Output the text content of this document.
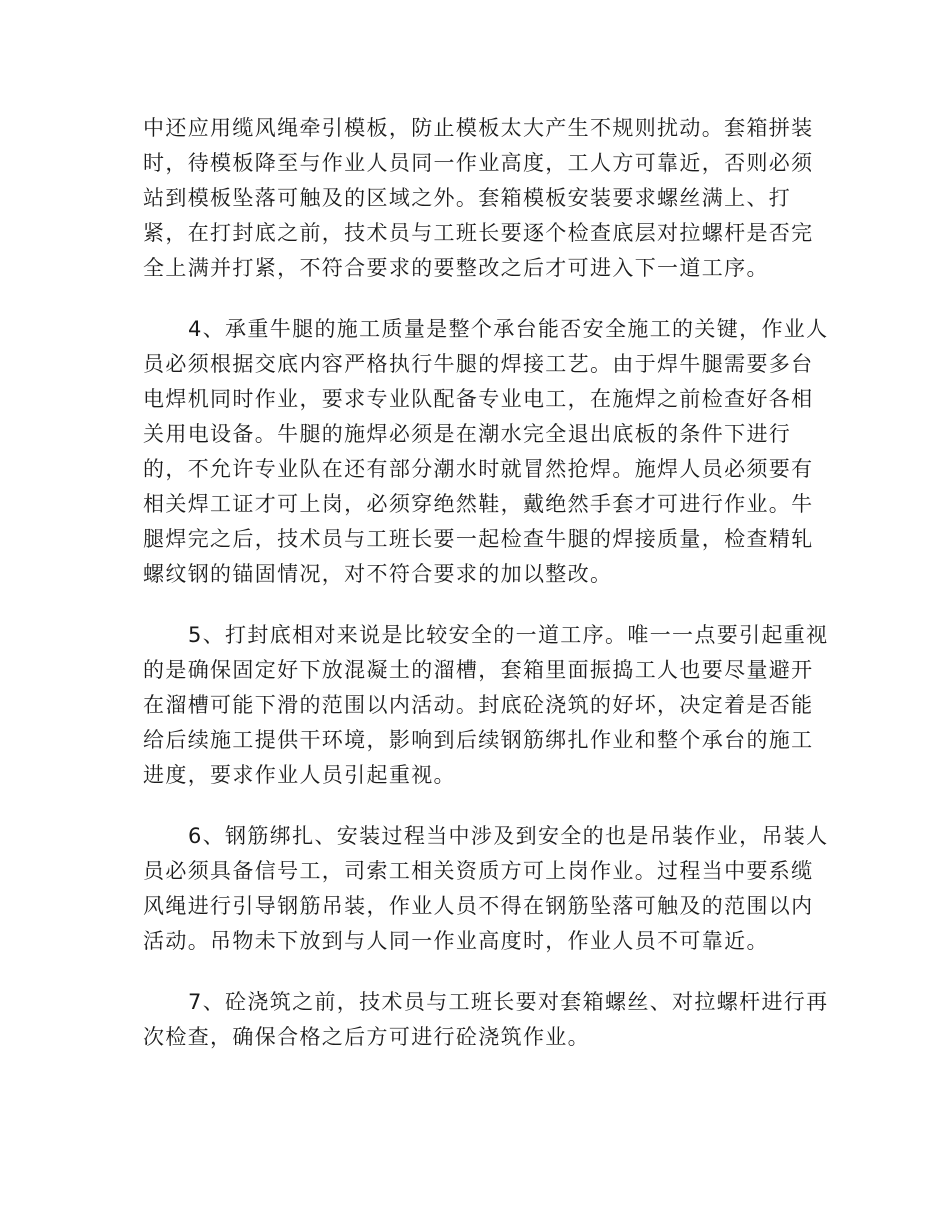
中还应用缆风绳牵引模板，防止模板太大产生不规则扰动。套箱拼装
时，待模板降至与作业人员同一作业高度，工人方可靠近，否则必须
站到模板坠落可触及的区域之外。套箱模板安装要求螺丝满上、打
紧，在打封底之前，技术员与工班长要逐个检查底层对拉螺杆是否完
全上满并打紧，不符合要求的要整改之后才可进入下一道工序。
4、承重牛腿的施工质量是整个承台能否安全施工的关键，作业人
员必须根据交底内容严格执行牛腿的焊接工艺。由于焊牛腿需要多台
电焊机同时作业，要求专业队配备专业电工，在施焊之前检查好各相
关用电设备。牛腿的施焊必须是在潮水完全退出底板的条件下进行
的，不允许专业队在还有部分潮水时就冒然抢焊。施焊人员必须要有
相关焊工证才可上岗，必须穿绝然鞋，戴绝然手套才可进行作业。牛
腿焊完之后，技术员与工班长要一起检查牛腿的焊接质量，检查精轧
螺纹钢的锚固情况，对不符合要求的加以整改。
5、打封底相对来说是比较安全的一道工序。唯一一点要引起重视
的是确保固定好下放混凝土的溜槽，套箱里面振捣工人也要尽量避开
在溜槽可能下滑的范围以内活动。封底砼浇筑的好坏，决定着是否能
给后续施工提供干环境，影响到后续钢筋绑扎作业和整个承台的施工
进度，要求作业人员引起重视。
6、钢筋绑扎、安装过程当中涉及到安全的也是吊装作业，吊装人
员必须具备信号工，司索工相关资质方可上岗作业。过程当中要系缆
风绳进行引导钢筋吊装，作业人员不得在钢筋坠落可触及的范围以内
活动。吊物未下放到与人同一作业高度时，作业人员不可靠近。
7、砼浇筑之前，技术员与工班长要对套箱螺丝、对拉螺杆进行再
次检查，确保合格之后方可进行砼浇筑作业。
